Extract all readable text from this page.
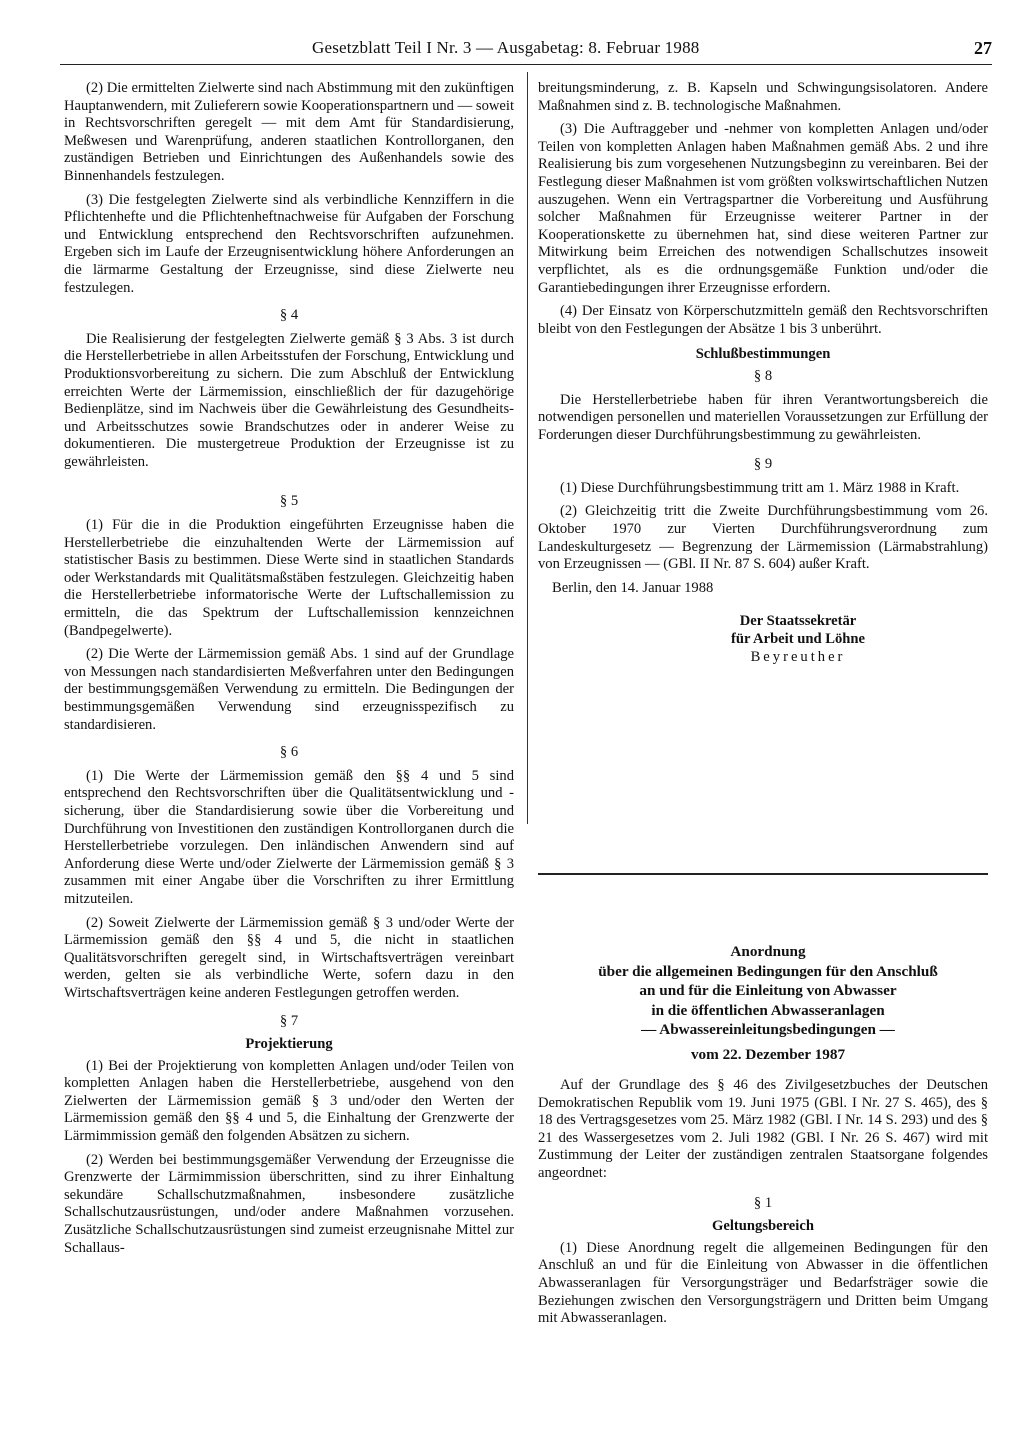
Gesetzblatt Teil I Nr. 3 — Ausgabetag: 8. Februar 1988	27

(2) Die ermittelten Zielwerte sind nach Abstimmung mit den zukünftigen Hauptanwendern, mit Zulieferern sowie Kooperationspartnern und — soweit in Rechtsvorschriften geregelt — mit dem Amt für Standardisierung, Meßwesen und Warenprüfung, anderen staatlichen Kontrollorganen, den zuständigen Betrieben und Einrichtungen des Außenhandels sowie des Binnenhandels festzulegen.

(3) Die festgelegten Zielwerte sind als verbindliche Kennziffern in die Pflichtenhefte und die Pflichtenheftnachweise für Aufgaben der Forschung und Entwicklung entsprechend den Rechtsvorschriften aufzunehmen. Ergeben sich im Laufe der Erzeugnisentwicklung höhere Anforderungen an die lärmarme Gestaltung der Erzeugnisse, sind diese Zielwerte neu festzulegen.

§ 4

Die Realisierung der festgelegten Zielwerte gemäß § 3 Abs. 3 ist durch die Herstellerbetriebe in allen Arbeitsstufen der Forschung, Entwicklung und Produktionsvorbereitung zu sichern. Die zum Abschluß der Entwicklung erreichten Werte der Lärmemission, einschließlich der für dazugehörige Bedienplätze, sind im Nachweis über die Gewährleistung des Gesundheits- und Arbeitsschutzes sowie Brandschutzes oder in anderer Weise zu dokumentieren. Die mustergetreue Produktion der Erzeugnisse ist zu gewährleisten.

§ 5

(1) Für die in die Produktion eingeführten Erzeugnisse haben die Herstellerbetriebe die einzuhaltenden Werte der Lärmemission auf statistischer Basis zu bestimmen. Diese Werte sind in staatlichen Standards oder Werkstandards mit Qualitätsmaßstäben festzulegen. Gleichzeitig haben die Herstellerbetriebe informatorische Werte der Luftschallemission zu ermitteln, die das Spektrum der Luftschallemission kennzeichnen (Bandpegelwerte).

(2) Die Werte der Lärmemission gemäß Abs. 1 sind auf der Grundlage von Messungen nach standardisierten Meßverfahren unter den Bedingungen der bestimmungsgemäßen Verwendung zu ermitteln. Die Bedingungen der bestimmungsgemäßen Verwendung sind erzeugnisspezifisch zu standardisieren.

§ 6

(1) Die Werte der Lärmemission gemäß den §§ 4 und 5 sind entsprechend den Rechtsvorschriften über die Qualitätsentwicklung und -sicherung, über die Standardisierung sowie über die Vorbereitung und Durchführung von Investitionen den zuständigen Kontrollorganen durch die Herstellerbetriebe vorzulegen. Den inländischen Anwendern sind auf Anforderung diese Werte und/oder Zielwerte der Lärmemission gemäß § 3 zusammen mit einer Angabe über die Vorschriften zu ihrer Ermittlung mitzuteilen.

(2) Soweit Zielwerte der Lärmemission gemäß § 3 und/oder Werte der Lärmemission gemäß den §§ 4 und 5, die nicht in staatlichen Qualitätsvorschriften geregelt sind, in Wirtschaftsverträgen vereinbart werden, gelten sie als verbindliche Werte, sofern dazu in den Wirtschaftsverträgen keine anderen Festlegungen getroffen werden.

§ 7
Projektierung

(1) Bei der Projektierung von kompletten Anlagen und/oder Teilen von kompletten Anlagen haben die Herstellerbetriebe, ausgehend von den Zielwerten der Lärmemission gemäß § 3 und/oder den Werten der Lärmemission gemäß den §§ 4 und 5, die Einhaltung der Grenzwerte der Lärmimmission gemäß den folgenden Absätzen zu sichern.

(2) Werden bei bestimmungsgemäßer Verwendung der Erzeugnisse die Grenzwerte der Lärmimmission überschritten, sind zu ihrer Einhaltung sekundäre Schallschutzmaßnahmen, insbesondere zusätzliche Schallschutzausrüstungen, und/oder andere Maßnahmen vorzusehen. Zusätzliche Schallschutzausrüstungen sind zumeist erzeugnisnahe Mittel zur Schallaus-

breitungsminderung, z. B. Kapseln und Schwingungsisolatoren. Andere Maßnahmen sind z. B. technologische Maßnahmen.

(3) Die Auftraggeber und -nehmer von kompletten Anlagen und/oder Teilen von kompletten Anlagen haben Maßnahmen gemäß Abs. 2 und ihre Realisierung bis zum vorgesehenen Nutzungsbeginn zu vereinbaren. Bei der Festlegung dieser Maßnahmen ist vom größten volkswirtschaftlichen Nutzen auszugehen. Wenn ein Vertragspartner die Vorbereitung und Ausführung solcher Maßnahmen für Erzeugnisse weiterer Partner in der Kooperationskette zu übernehmen hat, sind diese weiteren Partner zur Mitwirkung beim Erreichen des notwendigen Schallschutzes insoweit verpflichtet, als es die ordnungsgemäße Funktion und/oder die Garantiebedingungen ihrer Erzeugnisse erfordern.

(4) Der Einsatz von Körperschutzmitteln gemäß den Rechtsvorschriften bleibt von den Festlegungen der Absätze 1 bis 3 unberührt.

Schlußbestimmungen
§ 8

Die Herstellerbetriebe haben für ihren Verantwortungsbereich die notwendigen personellen und materiellen Voraussetzungen zur Erfüllung der Forderungen dieser Durchführungsbestimmung zu gewährleisten.

§ 9

(1) Diese Durchführungsbestimmung tritt am 1. März 1988 in Kraft.

(2) Gleichzeitig tritt die Zweite Durchführungsbestimmung vom 26. Oktober 1970 zur Vierten Durchführungsverordnung zum Landeskulturgesetz — Begrenzung der Lärmemission (Lärmabstrahlung) von Erzeugnissen — (GBl. II Nr. 87 S. 604) außer Kraft.

Berlin, den 14. Januar 1988

Der Staatssekretär
für Arbeit und Löhne
Beyreuther
Anordnung
über die allgemeinen Bedingungen für den Anschluß
an und für die Einleitung von Abwasser
in die öffentlichen Abwasseranlagen
— Abwassereinleitungsbedingungen —
vom 22. Dezember 1987

Auf der Grundlage des § 46 des Zivilgesetzbuches der Deutschen Demokratischen Republik vom 19. Juni 1975 (GBl. I Nr. 27 S. 465), des § 18 des Vertragsgesetzes vom 25. März 1982 (GBl. I Nr. 14 S. 293) und des § 21 des Wassergesetzes vom 2. Juli 1982 (GBl. I Nr. 26 S. 467) wird mit Zustimmung der Leiter der zuständigen zentralen Staatsorgane folgendes angeordnet:

§ 1
Geltungsbereich

(1) Diese Anordnung regelt die allgemeinen Bedingungen für den Anschluß an und für die Einleitung von Abwasser in die öffentlichen Abwasseranlagen für Versorgungsträger und Bedarfsträger sowie die Beziehungen zwischen den Versorgungsträgern und Dritten beim Umgang mit Abwasseranlagen.
